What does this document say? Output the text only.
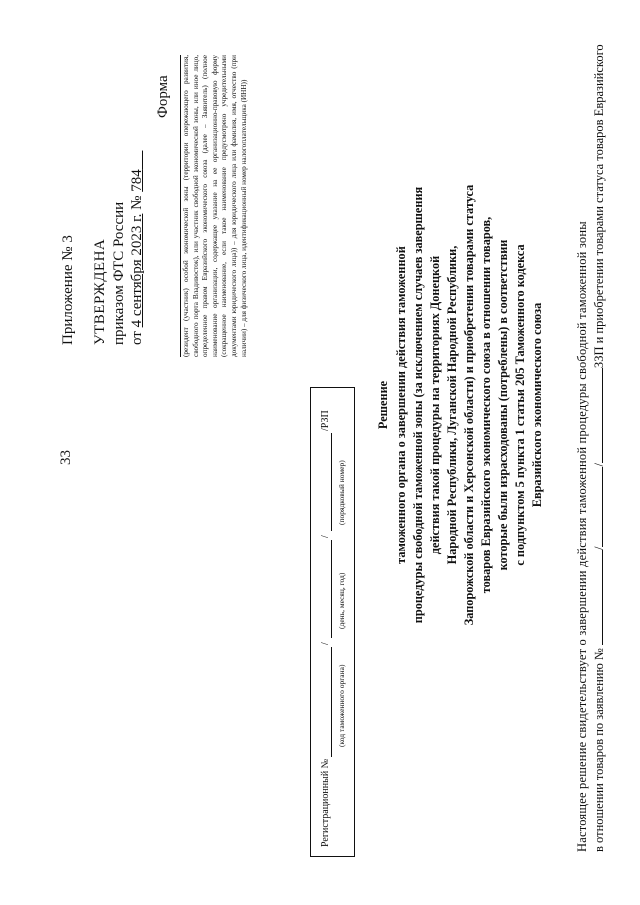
33
Приложение № 3 УТВЕРЖДЕНА приказом ФТС России от 4 сентября 2023 г. № 784
Форма (резидент (участник) особой экономической зоны (территории опережающего развития, свободного порта Владивосток), или участник свободной экономической зоны, или иное лицо, определенное правом Евразийского экономического союза (далее – Заявитель) (полное наименование организации, содержащее указание на ее организационно-правовую форму (сокращенное наименование, если такое наименование предусмотрено учредительными документами юридического лица)) – для юридического лица или фамилия, имя, отчество (при наличии) – для физического лица, идентификационный номер налогоплательщика (ИНН))
Регистрационный №
/
/
/РЗП
(код таможенного органа)
(день, месяц, год)
(порядковый номер)
Решение таможенного органа о завершении действия таможенной процедуры свободной таможенной зоны (за исключением случаев завершения действия такой процедуры на территориях Донецкой Народной Республики, Луганской Народной Республики, Запорожской области и Херсонской области) и приобретении товарами статуса товаров Евразийского экономического союза в отношении товаров, которые были израсходованы (потреблены) в соответствии с подпунктом 5 пункта 1 статьи 205 Таможенного кодекса Евразийского экономического союза Настоящее решение свидетельствует о завершении действия таможенной процедуры свободной таможенной зоны в отношении товаров по заявлению № //ЗЗП и приобретении товарами статуса товаров Евразийского
